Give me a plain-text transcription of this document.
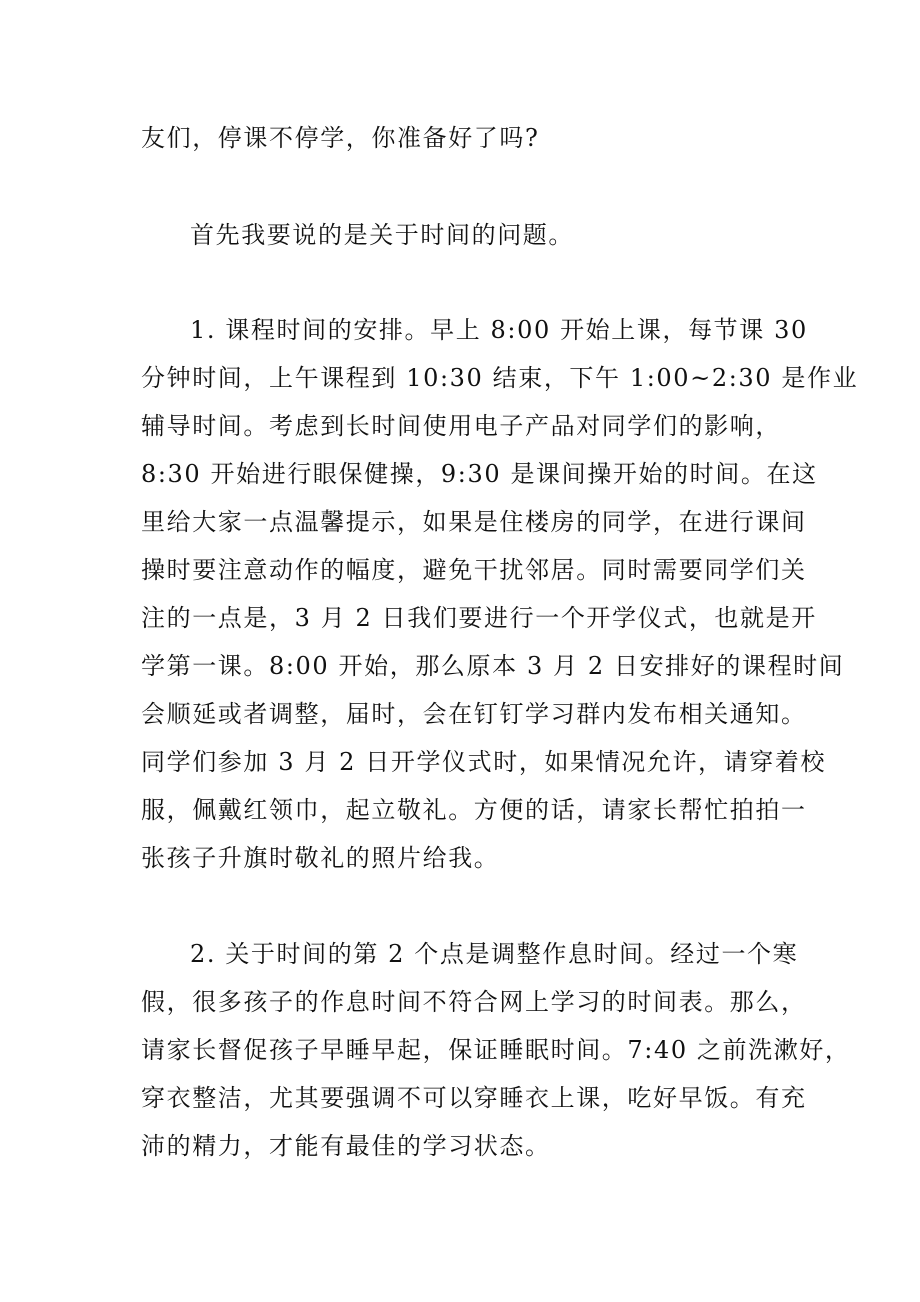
友们，停课不停学，你准备好了吗?
首先我要说的是关于时间的问题。
1. 课程时间的安排。早上 8:00 开始上课，每节课 30
分钟时间，上午课程到 10:30 结束，下午 1:00~2:30 是作业
辅导时间。考虑到长时间使用电子产品对同学们的影响，
8:30 开始进行眼保健操，9:30 是课间操开始的时间。在这
里给大家一点温馨提示，如果是住楼房的同学，在进行课间
操时要注意动作的幅度，避免干扰邻居。同时需要同学们关
注的一点是，3 月 2 日我们要进行一个开学仪式，也就是开
学第一课。8:00 开始，那么原本 3 月 2 日安排好的课程时间
会顺延或者调整，届时，会在钉钉学习群内发布相关通知。
同学们参加 3 月 2 日开学仪式时，如果情况允许，请穿着校
服，佩戴红领巾，起立敬礼。方便的话，请家长帮忙拍拍一
张孩子升旗时敬礼的照片给我。
2. 关于时间的第 2 个点是调整作息时间。经过一个寒
假，很多孩子的作息时间不符合网上学习的时间表。那么，
请家长督促孩子早睡早起，保证睡眠时间。7:40 之前洗漱好，
穿衣整洁，尤其要强调不可以穿睡衣上课，吃好早饭。有充
沛的精力，才能有最佳的学习状态。
